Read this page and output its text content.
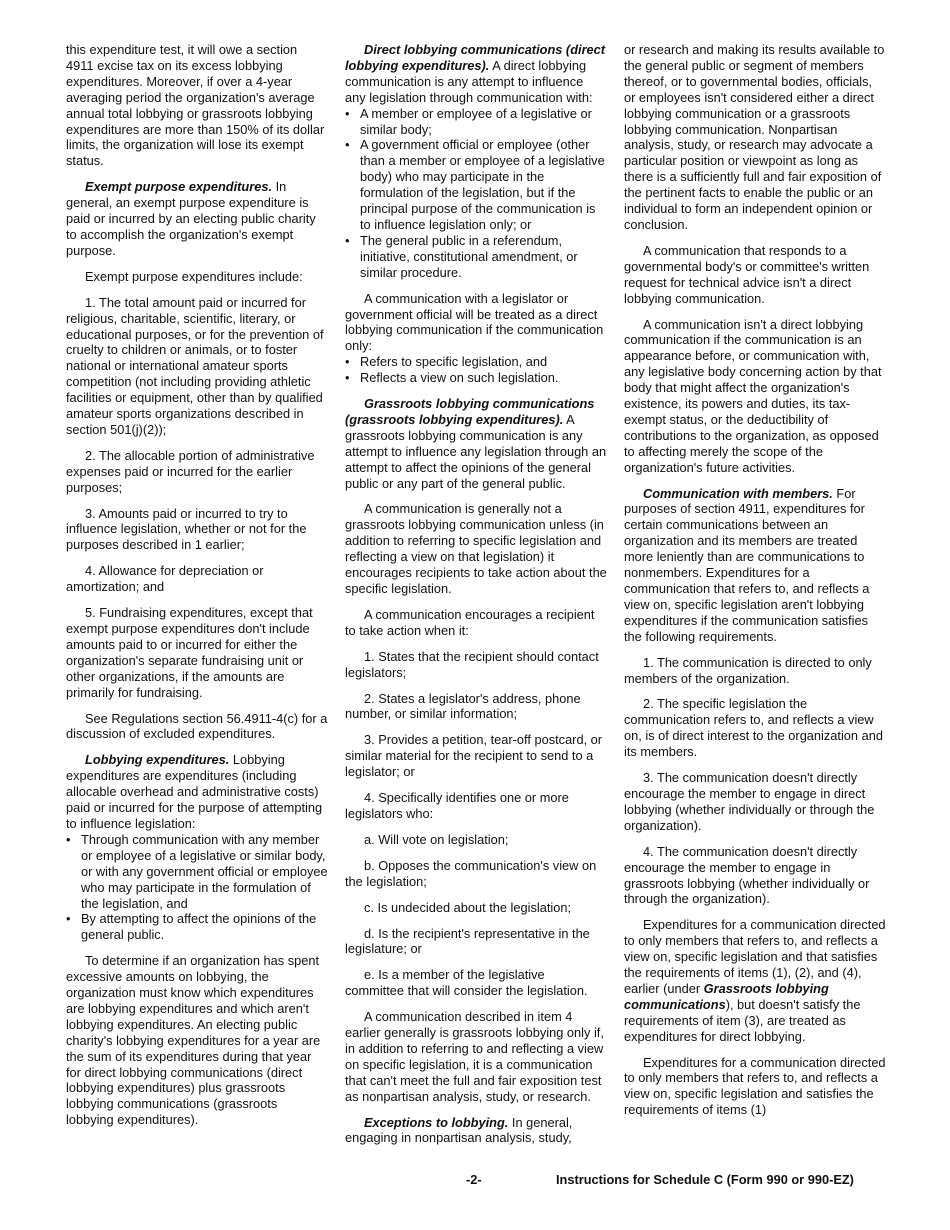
this expenditure test, it will owe a section 4911 excise tax on its excess lobbying expenditures. Moreover, if over a 4-year averaging period the organization's average annual total lobbying or grassroots lobbying expenditures are more than 150% of its dollar limits, the organization will lose its exempt status.

Exempt purpose expenditures. In general, an exempt purpose expenditure is paid or incurred by an electing public charity to accomplish the organization's exempt purpose.

Exempt purpose expenditures include:

1. The total amount paid or incurred for religious, charitable, scientific, literary, or educational purposes, or for the prevention of cruelty to children or animals, or to foster national or international amateur sports competition (not including providing athletic facilities or equipment, other than by qualified amateur sports organizations described in section 501(j)(2));

2. The allocable portion of administrative expenses paid or incurred for the earlier purposes;

3. Amounts paid or incurred to try to influence legislation, whether or not for the purposes described in 1 earlier;

4. Allowance for depreciation or amortization; and

5. Fundraising expenditures, except that exempt purpose expenditures don't include amounts paid to or incurred for either the organization's separate fundraising unit or other organizations, if the amounts are primarily for fundraising.

See Regulations section 56.4911-4(c) for a discussion of excluded expenditures.

Lobbying expenditures. Lobbying expenditures are expenditures (including allocable overhead and administrative costs) paid or incurred for the purpose of attempting to influence legislation:

• Through communication with any member or employee of a legislative or similar body, or with any government official or employee who may participate in the formulation of the legislation, and
• By attempting to affect the opinions of the general public.

To determine if an organization has spent excessive amounts on lobbying, the organization must know which expenditures are lobbying expenditures and which aren't lobbying expenditures. An electing public charity's lobbying expenditures for a year are the sum of its expenditures during that year for direct lobbying communications (direct lobbying expenditures) plus grassroots lobbying communications (grassroots lobbying expenditures).

Direct lobbying communications (direct lobbying expenditures). A direct lobbying communication is any attempt to influence any legislation through communication with:

• A member or employee of a legislative or similar body;
• A government official or employee (other than a member or employee of a legislative body) who may participate in the formulation of the legislation, but if the principal purpose of the communication is to influence legislation only; or
• The general public in a referendum, initiative, constitutional amendment, or similar procedure.

A communication with a legislator or government official will be treated as a direct lobbying communication if the communication only:

• Refers to specific legislation, and
• Reflects a view on such legislation.

Grassroots lobbying communications (grassroots lobbying expenditures). A grassroots lobbying communication is any attempt to influence any legislation through an attempt to affect the opinions of the general public or any part of the general public.

A communication is generally not a grassroots lobbying communication unless (in addition to referring to specific legislation and reflecting a view on that legislation) it encourages recipients to take action about the specific legislation.

A communication encourages a recipient to take action when it:

1. States that the recipient should contact legislators;

2. States a legislator's address, phone number, or similar information;

3. Provides a petition, tear-off postcard, or similar material for the recipient to send to a legislator; or

4. Specifically identifies one or more legislators who:

a. Will vote on legislation;

b. Opposes the communication's view on the legislation;

c. Is undecided about the legislation;

d. Is the recipient's representative in the legislature; or

e. Is a member of the legislative committee that will consider the legislation.

A communication described in item 4 earlier generally is grassroots lobbying only if, in addition to referring to and reflecting a view on specific legislation, it is a communication that can't meet the full and fair exposition test as nonpartisan analysis, study, or research.

Exceptions to lobbying. In general, engaging in nonpartisan analysis, study,

or research and making its results available to the general public or segment of members thereof, or to governmental bodies, officials, or employees isn't considered either a direct lobbying communication or a grassroots lobbying communication. Nonpartisan analysis, study, or research may advocate a particular position or viewpoint as long as there is a sufficiently full and fair exposition of the pertinent facts to enable the public or an individual to form an independent opinion or conclusion.

A communication that responds to a governmental body's or committee's written request for technical advice isn't a direct lobbying communication.

A communication isn't a direct lobbying communication if the communication is an appearance before, or communication with, any legislative body concerning action by that body that might affect the organization's existence, its powers and duties, its tax-exempt status, or the deductibility of contributions to the organization, as opposed to affecting merely the scope of the organization's future activities.

Communication with members. For purposes of section 4911, expenditures for certain communications between an organization and its members are treated more leniently than are communications to nonmembers. Expenditures for a communication that refers to, and reflects a view on, specific legislation aren't lobbying expenditures if the communication satisfies the following requirements.

1. The communication is directed to only members of the organization.

2. The specific legislation the communication refers to, and reflects a view on, is of direct interest to the organization and its members.

3. The communication doesn't directly encourage the member to engage in direct lobbying (whether individually or through the organization).

4. The communication doesn't directly encourage the member to engage in grassroots lobbying (whether individually or through the organization).

Expenditures for a communication directed to only members that refers to, and reflects a view on, specific legislation and that satisfies the requirements of items (1), (2), and (4), earlier (under Grassroots lobbying communications), but doesn't satisfy the requirements of item (3), are treated as expenditures for direct lobbying.

Expenditures for a communication directed to only members that refers to, and reflects a view on, specific legislation and satisfies the requirements of items (1)

-2-	Instructions for Schedule C (Form 990 or 990-EZ)
